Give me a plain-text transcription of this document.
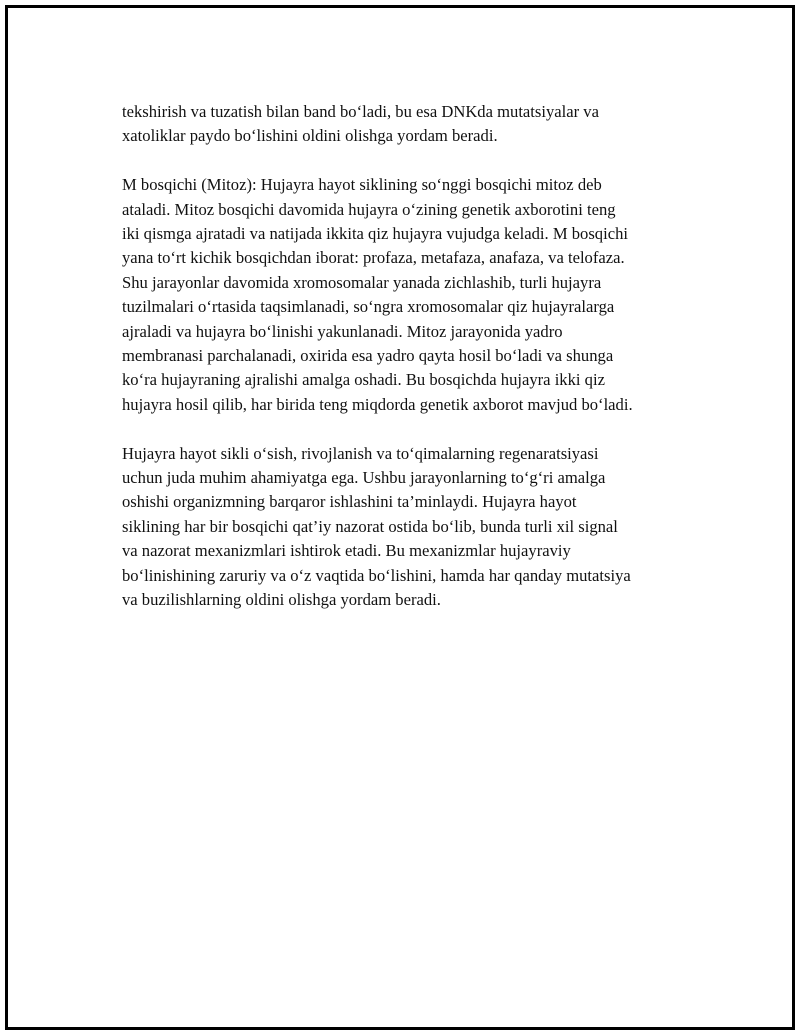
tekshirish va tuzatish bilan band bo‘ladi, bu esa DNKda mutatsiyalar va
xatoliklar paydo bo‘lishini oldini olishga yordam beradi.

M bosqichi (Mitoz): Hujayra hayot siklining so‘nggi bosqichi mitoz deb
ataladi. Mitoz bosqichi davomida hujayra o‘zining genetik axborotini teng
iki qismga ajratadi va natijada ikkita qiz hujayra vujudga keladi. M bosqichi
yana to‘rt kichik bosqichdan iborat: profaza, metafaza, anafaza, va telofaza.
Shu jarayonlar davomida xromosomalar yanada zichlashib, turli hujayra
tuzilmalari o‘rtasida taqsimlanadi, so‘ngra xromosomalar qiz hujayralarga
ajraladi va hujayra bo‘linishi yakunlanadi. Mitoz jarayonida yadro
membranasi parchalanadi, oxirida esa yadro qayta hosil bo‘ladi va shunga
ko‘ra hujayraning ajralishi amalga oshadi. Bu bosqichda hujayra ikki qiz
hujayra hosil qilib, har birida teng miqdorda genetik axborot mavjud bo‘ladi.

Hujayra hayot sikli o‘sish, rivojlanish va to‘qimalarning regenaratsiyasi
uchun juda muhim ahamiyatga ega. Ushbu jarayonlarning to‘g‘ri amalga
oshishi organizmning barqaror ishlashini ta’minlaydi. Hujayra hayot
siklining har bir bosqichi qat’iy nazorat ostida bo‘lib, bunda turli xil signal
va nazorat mexanizmlari ishtirok etadi. Bu mexanizmlar hujayraviy
bo‘linishining zaruriy va o‘z vaqtida bo‘lishini, hamda har qanday mutatsiya
va buzilishlarning oldini olishga yordam beradi.
